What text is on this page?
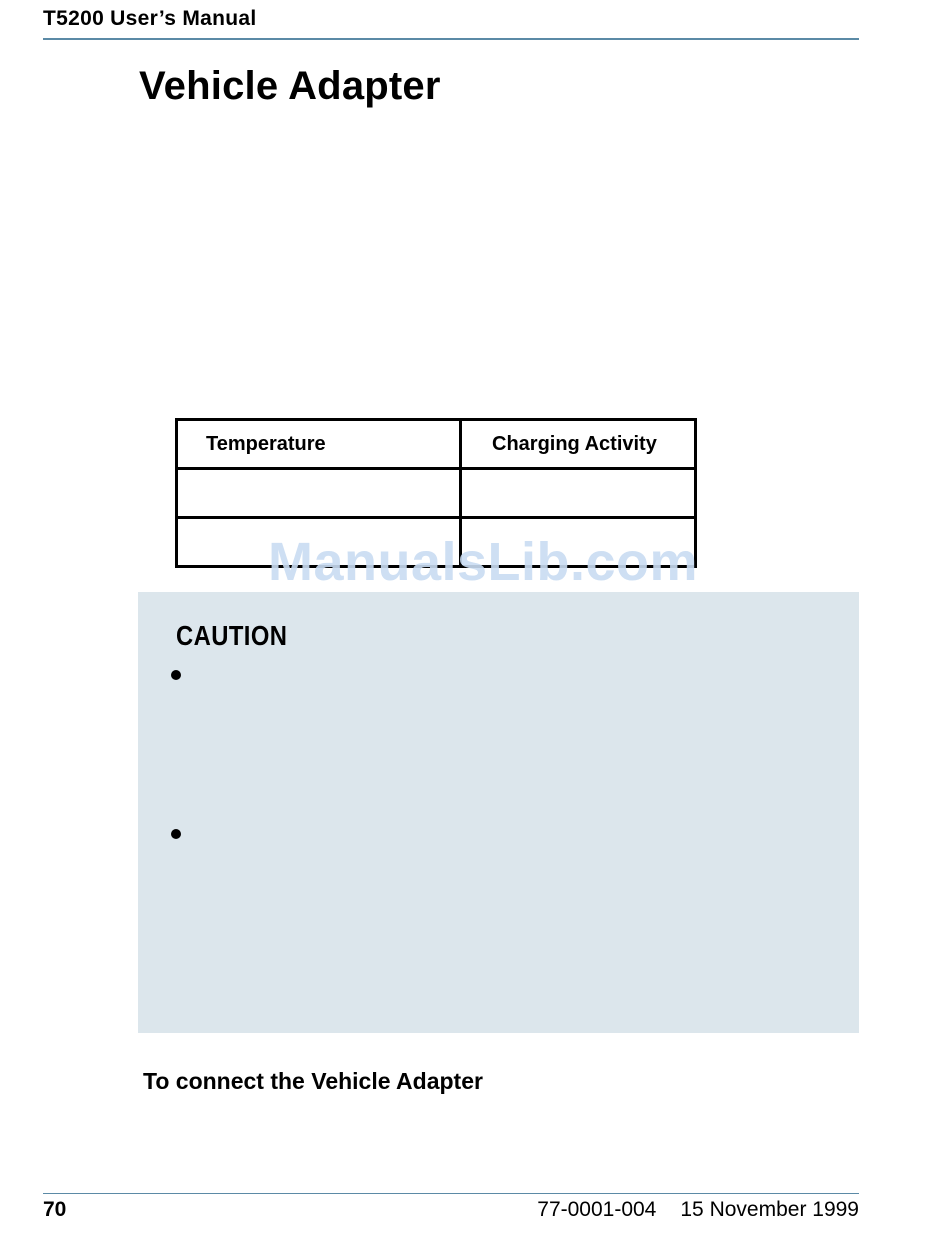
T5200 User’s Manual
Vehicle Adapter
Temperature	Charging Activity

ManualsLib.com
CAUTION
To connect the Vehicle Adapter
70	77-0001-004 15 November 1999
